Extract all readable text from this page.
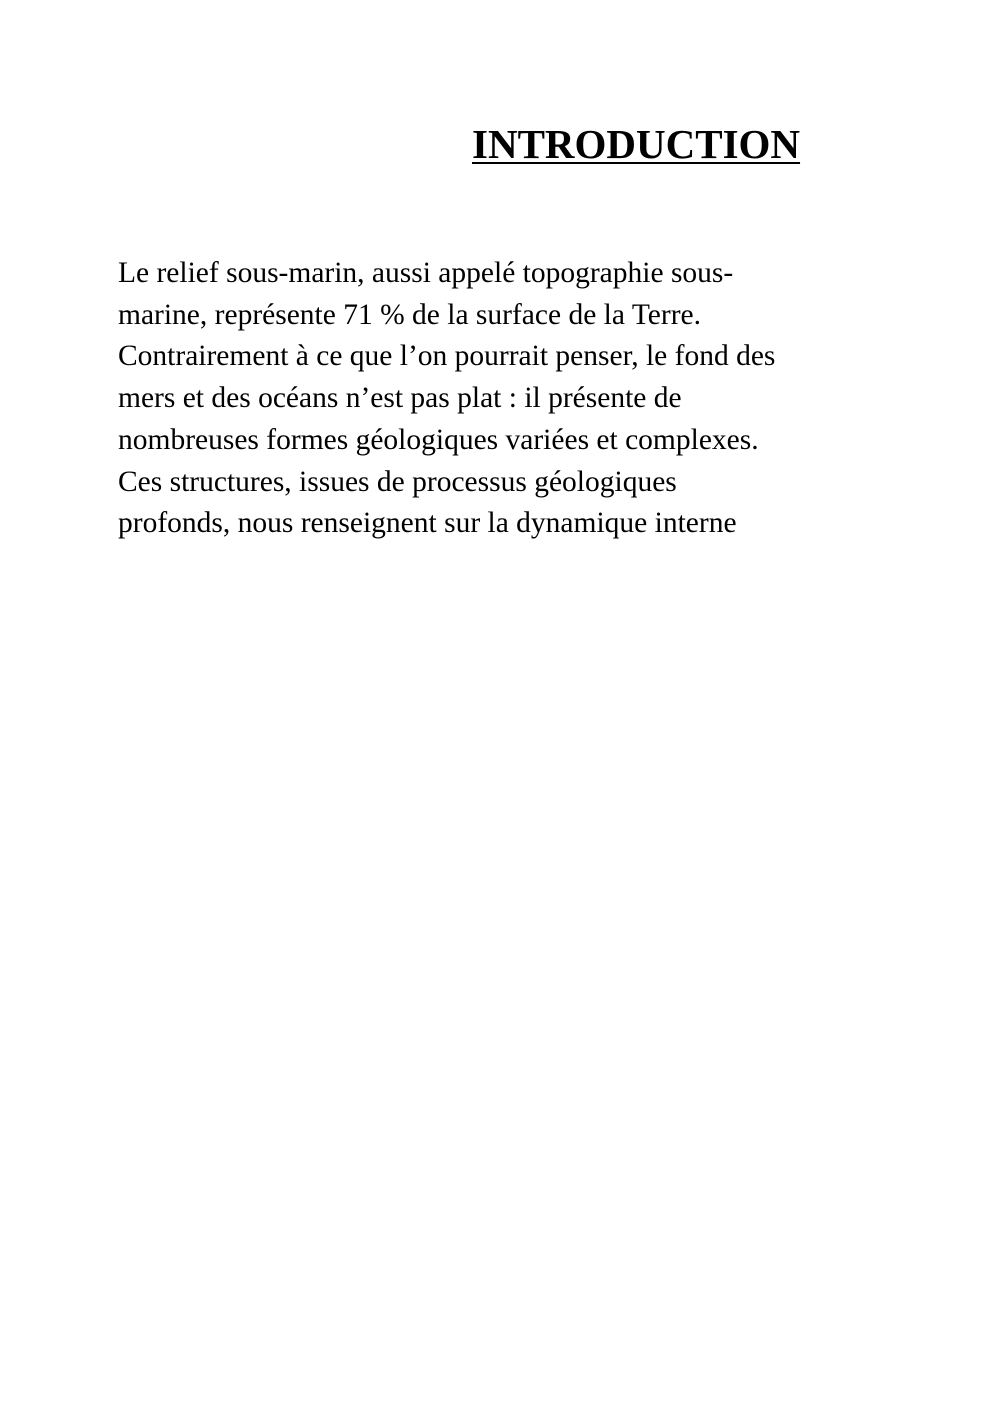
INTRODUCTION
Le relief sous-marin, aussi appelé topographie sous-
marine, représente 71 % de la surface de la Terre.
Contrairement à ce que l’on pourrait penser, le fond des
mers et des océans n’est pas plat : il présente de
nombreuses formes géologiques variées et complexes.
Ces structures, issues de processus géologiques
profonds, nous renseignent sur la dynamique interne
